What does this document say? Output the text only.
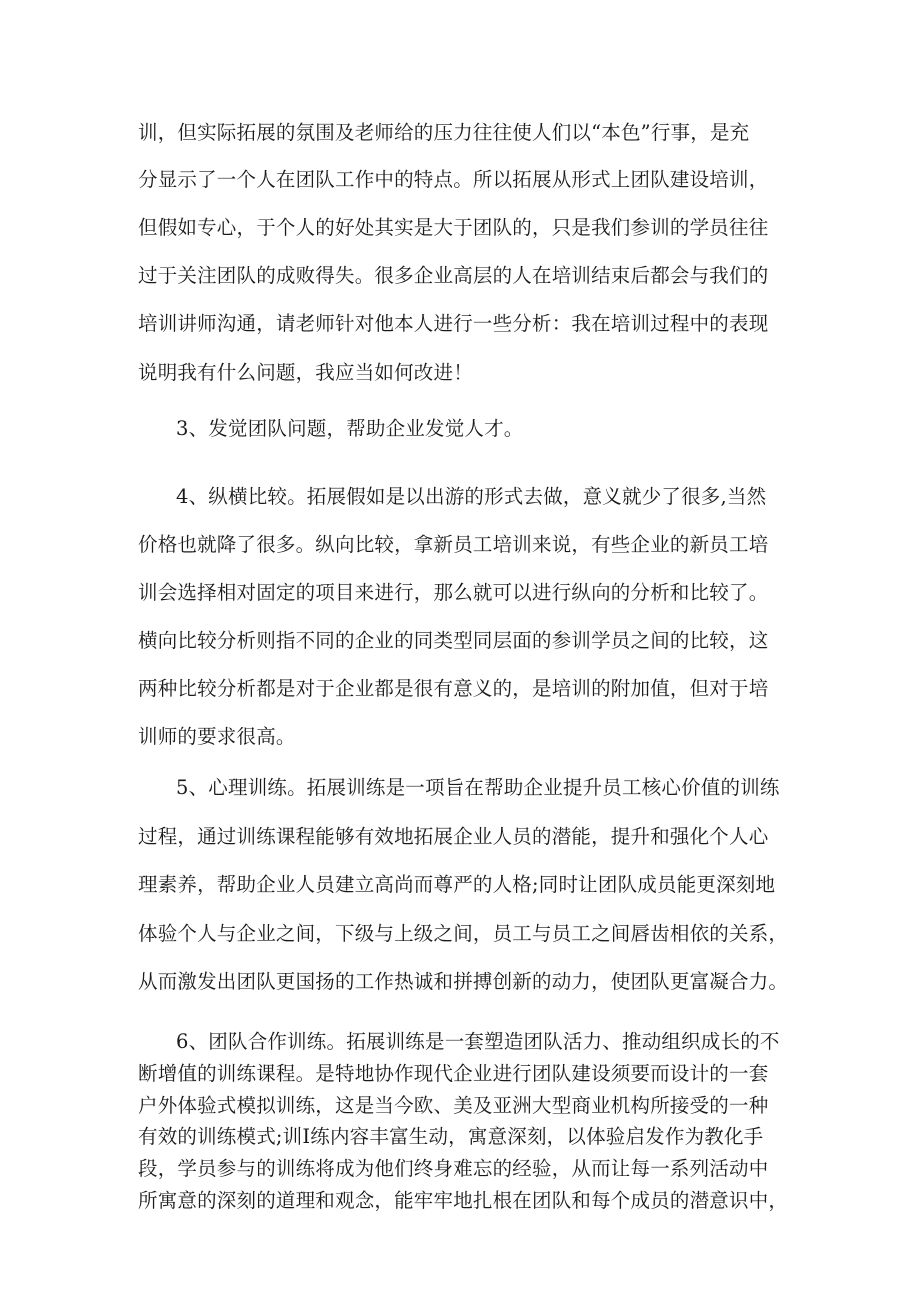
训，但实际拓展的氛围及老师给的压力往往使人们以“本色”行事，是充
分显示了一个人在团队工作中的特点。所以拓展从形式上团队建设培训，
但假如专心，于个人的好处其实是大于团队的，只是我们参训的学员往往
过于关注团队的成败得失。很多企业高层的人在培训结束后都会与我们的
培训讲师沟通，请老师针对他本人进行一些分析：我在培训过程中的表现
说明我有什么问题，我应当如何改进！
3、发觉团队问题，帮助企业发觉人才。
4、纵横比较。拓展假如是以出游的形式去做，意义就少了很多,当然
价格也就降了很多。纵向比较，拿新员工培训来说，有些企业的新员工培
训会选择相对固定的项目来进行，那么就可以进行纵向的分析和比较了。
横向比较分析则指不同的企业的同类型同层面的参训学员之间的比较，这
两种比较分析都是对于企业都是很有意义的，是培训的附加值，但对于培
训师的要求很高。
5、心理训练。拓展训练是一项旨在帮助企业提升员工核心价值的训练
过程，通过训练课程能够有效地拓展企业人员的潜能，提升和强化个人心
理素养，帮助企业人员建立高尚而尊严的人格;同时让团队成员能更深刻地
体验个人与企业之间，下级与上级之间，员工与员工之间唇齿相依的关系，
从而激发出团队更国扬的工作热诚和拼搏创新的动力，使团队更富凝合力。
6、团队合作训练。拓展训练是一套塑造团队活力、推动组织成长的不
断增值的训练课程。是特地协作现代企业进行团队建设须要而设计的一套
户外体验式模拟训练，这是当今欧、美及亚洲大型商业机构所接受的一种
有效的训练模式;训I练内容丰富生动，寓意深刻，以体验启发作为教化手
段，学员参与的训练将成为他们终身难忘的经验，从而让每一系列活动中
所寓意的深刻的道理和观念，能牢牢地扎根在团队和每个成员的潜意识中，
